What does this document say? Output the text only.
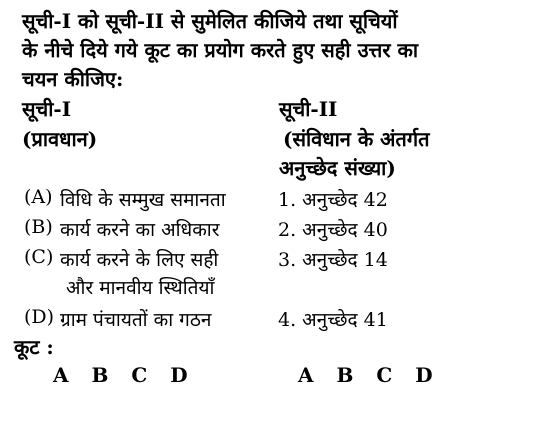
सूची-I को सूची-II से सुमेलित कीजिये तथा सूचियों
के नीचे दिये गये कूट का प्रयोग करते हुए सही उत्तर का
चयन कीजिए:
सूची-I
(प्रावधान)
सूची-II
(संविधान के अंतर्गत
अनुच्छेद संख्या)
(A) विधि के सम्मुख समानता
(B) कार्य करने का अधिकार
(C) कार्य करने के लिए सही
और मानवीय स्थितियाँ
(D) ग्राम पंचायतों का गठन
1. अनुच्छेद 42
2. अनुच्छेद 40
3. अनुच्छेद 14
4. अनुच्छेद 41
कूट :
A B C D	A B C D
